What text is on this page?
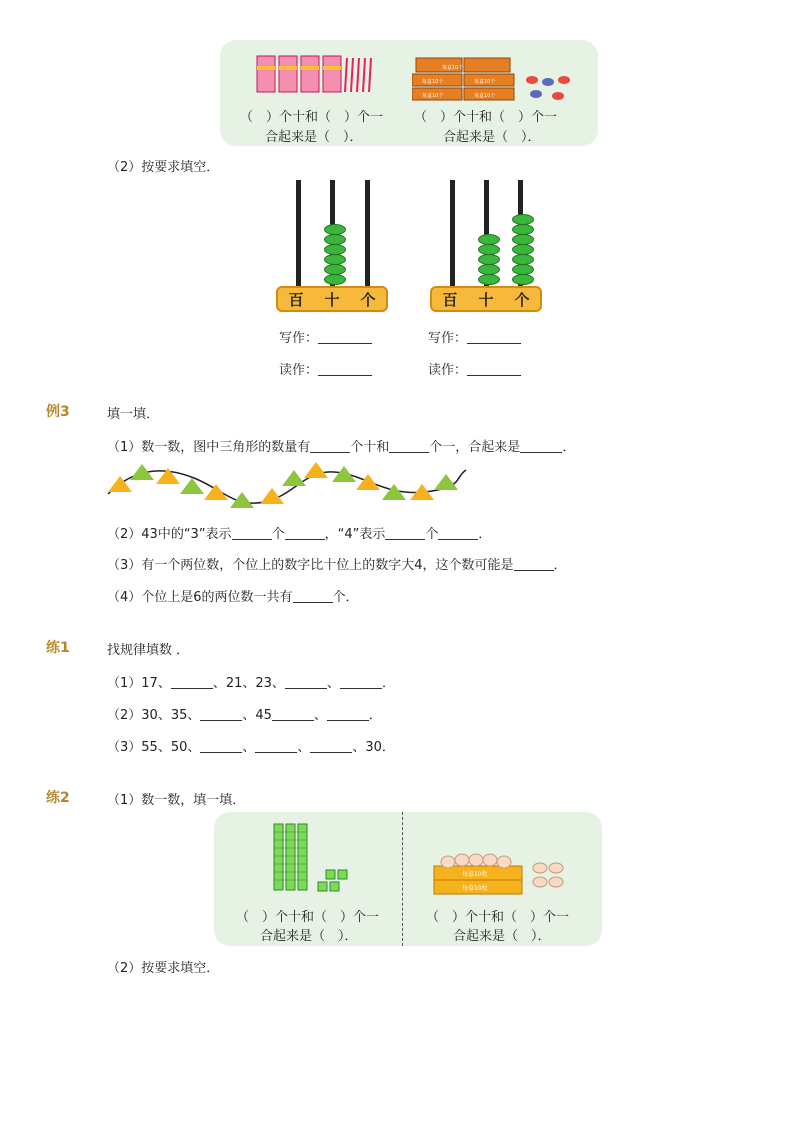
（　）个十和（　）个一
合起来是（　）．
每盒10个
每盒10个	每盒10个
每盒10个	每盒10个
（　）个十和（　）个一
合起来是（　）．
（2）按要求填空．
百 十 个	百 十 个
写作：
读作：
写作：
读作：
例3	填一填．
（1）数一数，图中三角形的数量有	个十和	个一，合起来是	．
（2）43中的“3”表示	个	，“4”表示	个	．
（3）有一个两位数，个位上的数字比十位上的数字大4，这个数可能是	．
（4）个位上是6的两位数一共有	个．
练1	找规律填数 ．
（1）17、	、21、23、	、	．
（2）30、35、	、45	、	．
（3）55、50、	、	、	、30．
练2	（1）数一数，填一填．
（　）个十和（　）个一
合起来是（　）．
每盒10枚
每盒10枚
（　）个十和（　）个一
合起来是（　）．
（2）按要求填空．
